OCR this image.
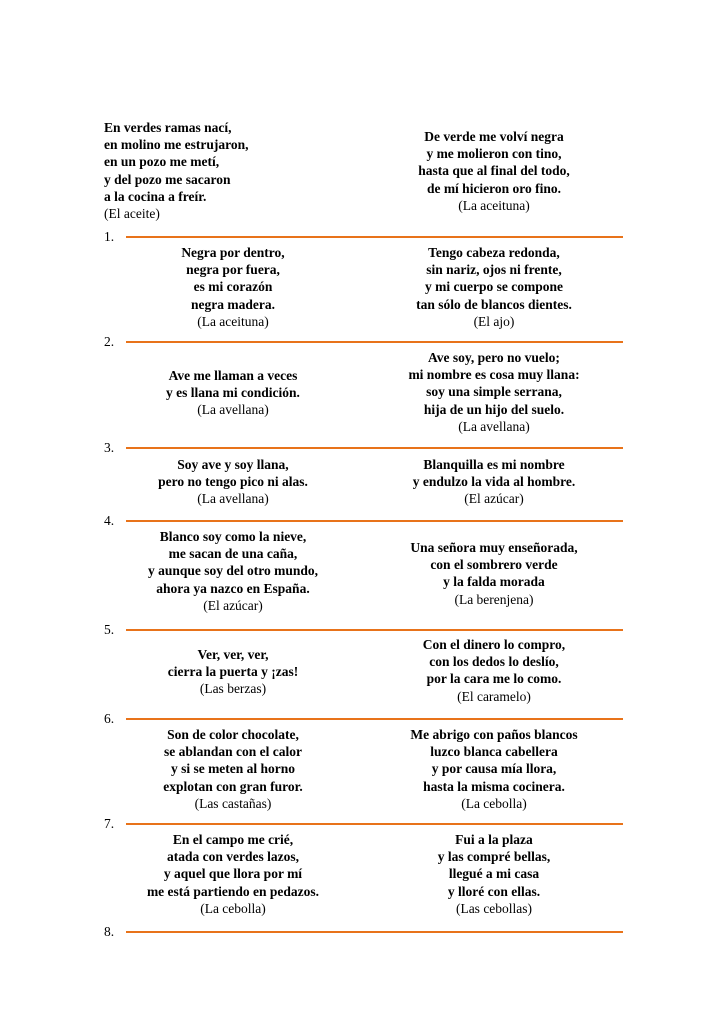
En verdes ramas nací,
en molino me estrujaron,
en un pozo me metí,
y del pozo me sacaron
a la cocina a freír.
(El aceite)
De verde me volví negra
y me molieron con tino,
hasta que al final del todo,
de mí hicieron oro fino.
(La aceituna)
1.
Negra por dentro,
negra por fuera,
es mi corazón
negra madera.
(La aceituna)
Tengo cabeza redonda,
sin nariz, ojos ni frente,
y mi cuerpo se compone
tan sólo de blancos dientes.
(El ajo)
2.
Ave me llaman a veces
y es llana mi condición.
(La avellana)
Ave soy, pero no vuelo;
mi nombre es cosa muy llana:
soy una simple serrana,
hija de un hijo del suelo.
(La avellana)
3.
Soy ave y soy llana,
pero no tengo pico ni alas.
(La avellana)
Blanquilla es mi nombre
y endulzo la vida al hombre.
(El azúcar)
4.
Blanco soy como la nieve,
me sacan de una caña,
y aunque soy del otro mundo,
ahora ya nazco en España.
(El azúcar)
Una señora muy enseñorada,
con el sombrero verde
y la falda morada
(La berenjena)
5.
Ver, ver, ver,
cierra la puerta y ¡zas!
(Las berzas)
Con el dinero lo compro,
con los dedos lo deslío,
por la cara me lo como.
(El caramelo)
6.
Son de color chocolate,
se ablandan con el calor
y si se meten al horno
explotan con gran furor.
(Las castañas)
Me abrigo con paños blancos
luzco blanca cabellera
y por causa mía llora,
hasta la misma cocinera.
(La cebolla)
7.
En el campo me crié,
atada con verdes lazos,
y aquel que llora por mí
me está partiendo en pedazos.
(La cebolla)
Fui a la plaza
y las compré bellas,
llegué a mi casa
y lloré con ellas.
(Las cebollas)
8.
